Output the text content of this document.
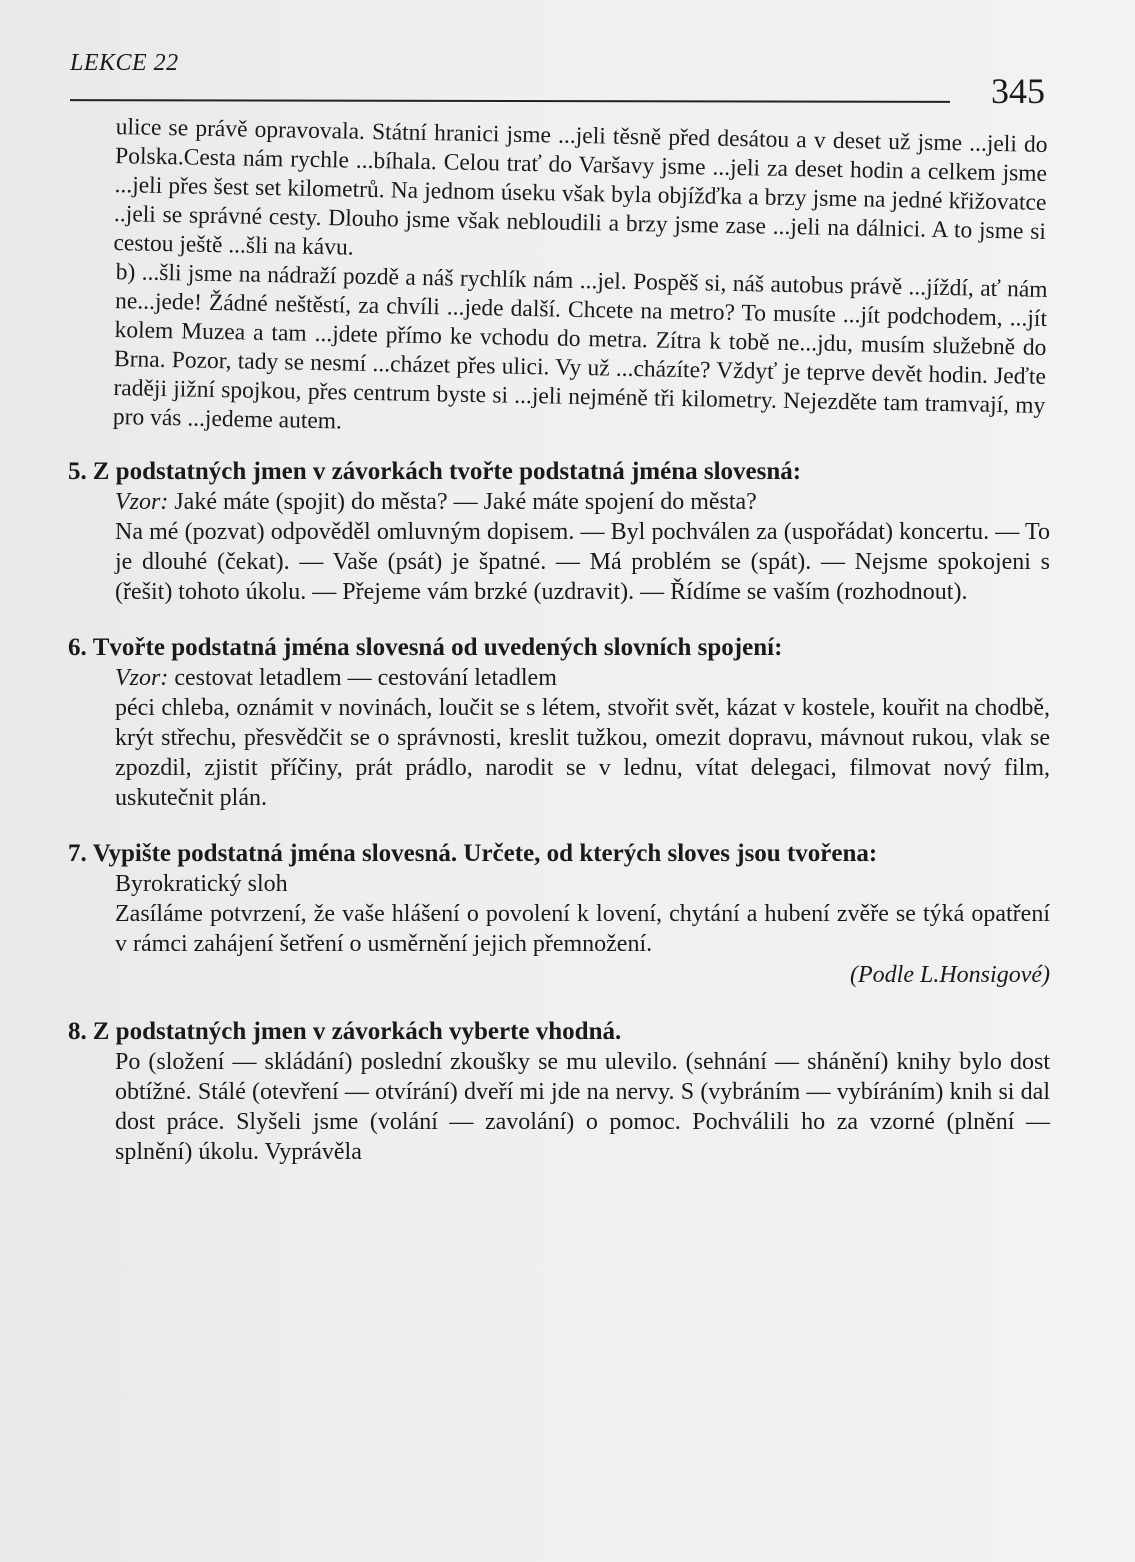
LEKCE 22
345

ulice se právě opravovala. Státní hranici jsme ...jeli těsně před desátou a v deset už jsme ...jeli do Polska.Cesta nám rychle ...bíhala. Celou trať do Varšavy jsme ...jeli za deset hodin a celkem jsme ...jeli přes šest set kilometrů. Na jednom úseku však byla objížďka a brzy jsme na jedné křižovatce ..jeli se správné cesty. Dlouho jsme však nebloudili a brzy jsme zase ...jeli na dálnici. A to jsme si cestou ještě ...šli na kávu.

b) ...šli jsme na nádraží pozdě a náš rychlík nám ...jel. Pospěš si, náš autobus právě ...jíždí, ať nám ne...jede! Žádné neštěstí, za chvíli ...jede další. Chcete na metro? To musíte ...jít podchodem, ...jít kolem Muzea a tam ...jdete přímo ke vchodu do metra. Zítra k tobě ne...jdu, musím služebně do Brna. Pozor, tady se nesmí ...cházet přes ulici. Vy už ...cházíte? Vždyť je teprve devět hodin. Jeďte raději jižní spojkou, přes centrum byste si ...jeli nejméně tři kilometry. Nejezděte tam tramvají, my pro vás ...jedeme autem.

5. Z podstatných jmen v závorkách tvořte podstatná jména slovesná:

Vzor: Jaké máte (spojit) do města? — Jaké máte spojení do města?

Na mé (pozvat) odpověděl omluvným dopisem. — Byl pochválen za (uspořádat) koncertu. — To je dlouhé (čekat). — Vaše (psát) je špatné. — Má problém se (spát). — Nejsme spokojeni s (řešit) tohoto úkolu. — Přejeme vám brzké (uzdravit). — Řídíme se vaším (rozhodnout).

6. Tvořte podstatná jména slovesná od uvedených slovních spojení:

Vzor: cestovat letadlem — cestování letadlem

péci chleba, oznámit v novinách, loučit se s létem, stvořit svět, kázat v kostele, kouřit na chodbě, krýt střechu, přesvědčit se o správnosti, kreslit tužkou, omezit dopravu, mávnout rukou, vlak se zpozdil, zjistit příčiny, prát prádlo, narodit se v lednu, vítat delegaci, filmovat nový film, uskutečnit plán.

7. Vypište podstatná jména slovesná. Určete, od kterých sloves jsou tvořena:

Byrokratický sloh

Zasíláme potvrzení, že vaše hlášení o povolení k lovení, chytání a hubení zvěře se týká opatření v rámci zahájení šetření o usměrnění jejich přemnožení.

(Podle L.Honsigové)

8. Z podstatných jmen v závorkách vyberte vhodná.

Po (složení — skládání) poslední zkoušky se mu ulevilo. (sehnání — shánění) knihy bylo dost obtížné. Stálé (otevření — otvírání) dveří mi jde na nervy. S (vybráním — vybíráním) knih si dal dost práce. Slyšeli jsme (volání — zavolání) o pomoc. Pochválili ho za vzorné (plnění — splnění) úkolu. Vyprávěla
